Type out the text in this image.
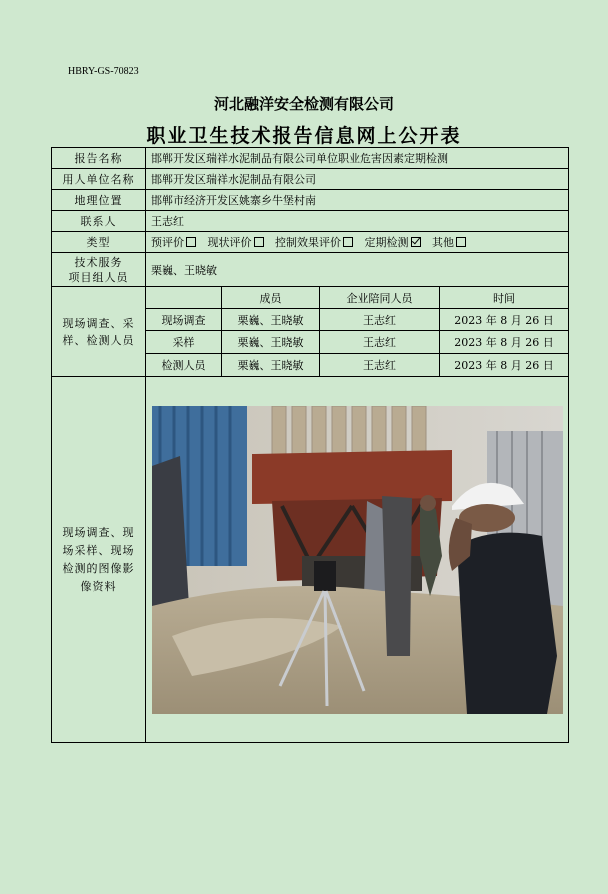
HBRY-GS-70823
河北融洋安全检测有限公司
职业卫生技术报告信息网上公开表
报告名称	邯郸开发区瑞祥水泥制品有限公司单位职业危害因素定期检测			
用人单位名称	邯郸开发区瑞祥水泥制品有限公司			
地理位置	邯郸市经济开发区姚寨乡牛堡村南			
联系人	王志红			
类型	预评价 现状评价 控制效果评价 定期检测 其他			
技术服务
项目组人员	栗巍、王晓敏			
现场调查、采样、检测人员		成员	企业陪同人员	时间
	现场调查	栗巍、王晓敏	王志红	2023 年 8 月 26 日
	采样	栗巍、王晓敏	王志红	2023 年 8 月 26 日
	检测人员	栗巍、王晓敏	王志红	2023 年 8 月 26 日
现场调查、现场采样、现场检测的图像影像资料	
